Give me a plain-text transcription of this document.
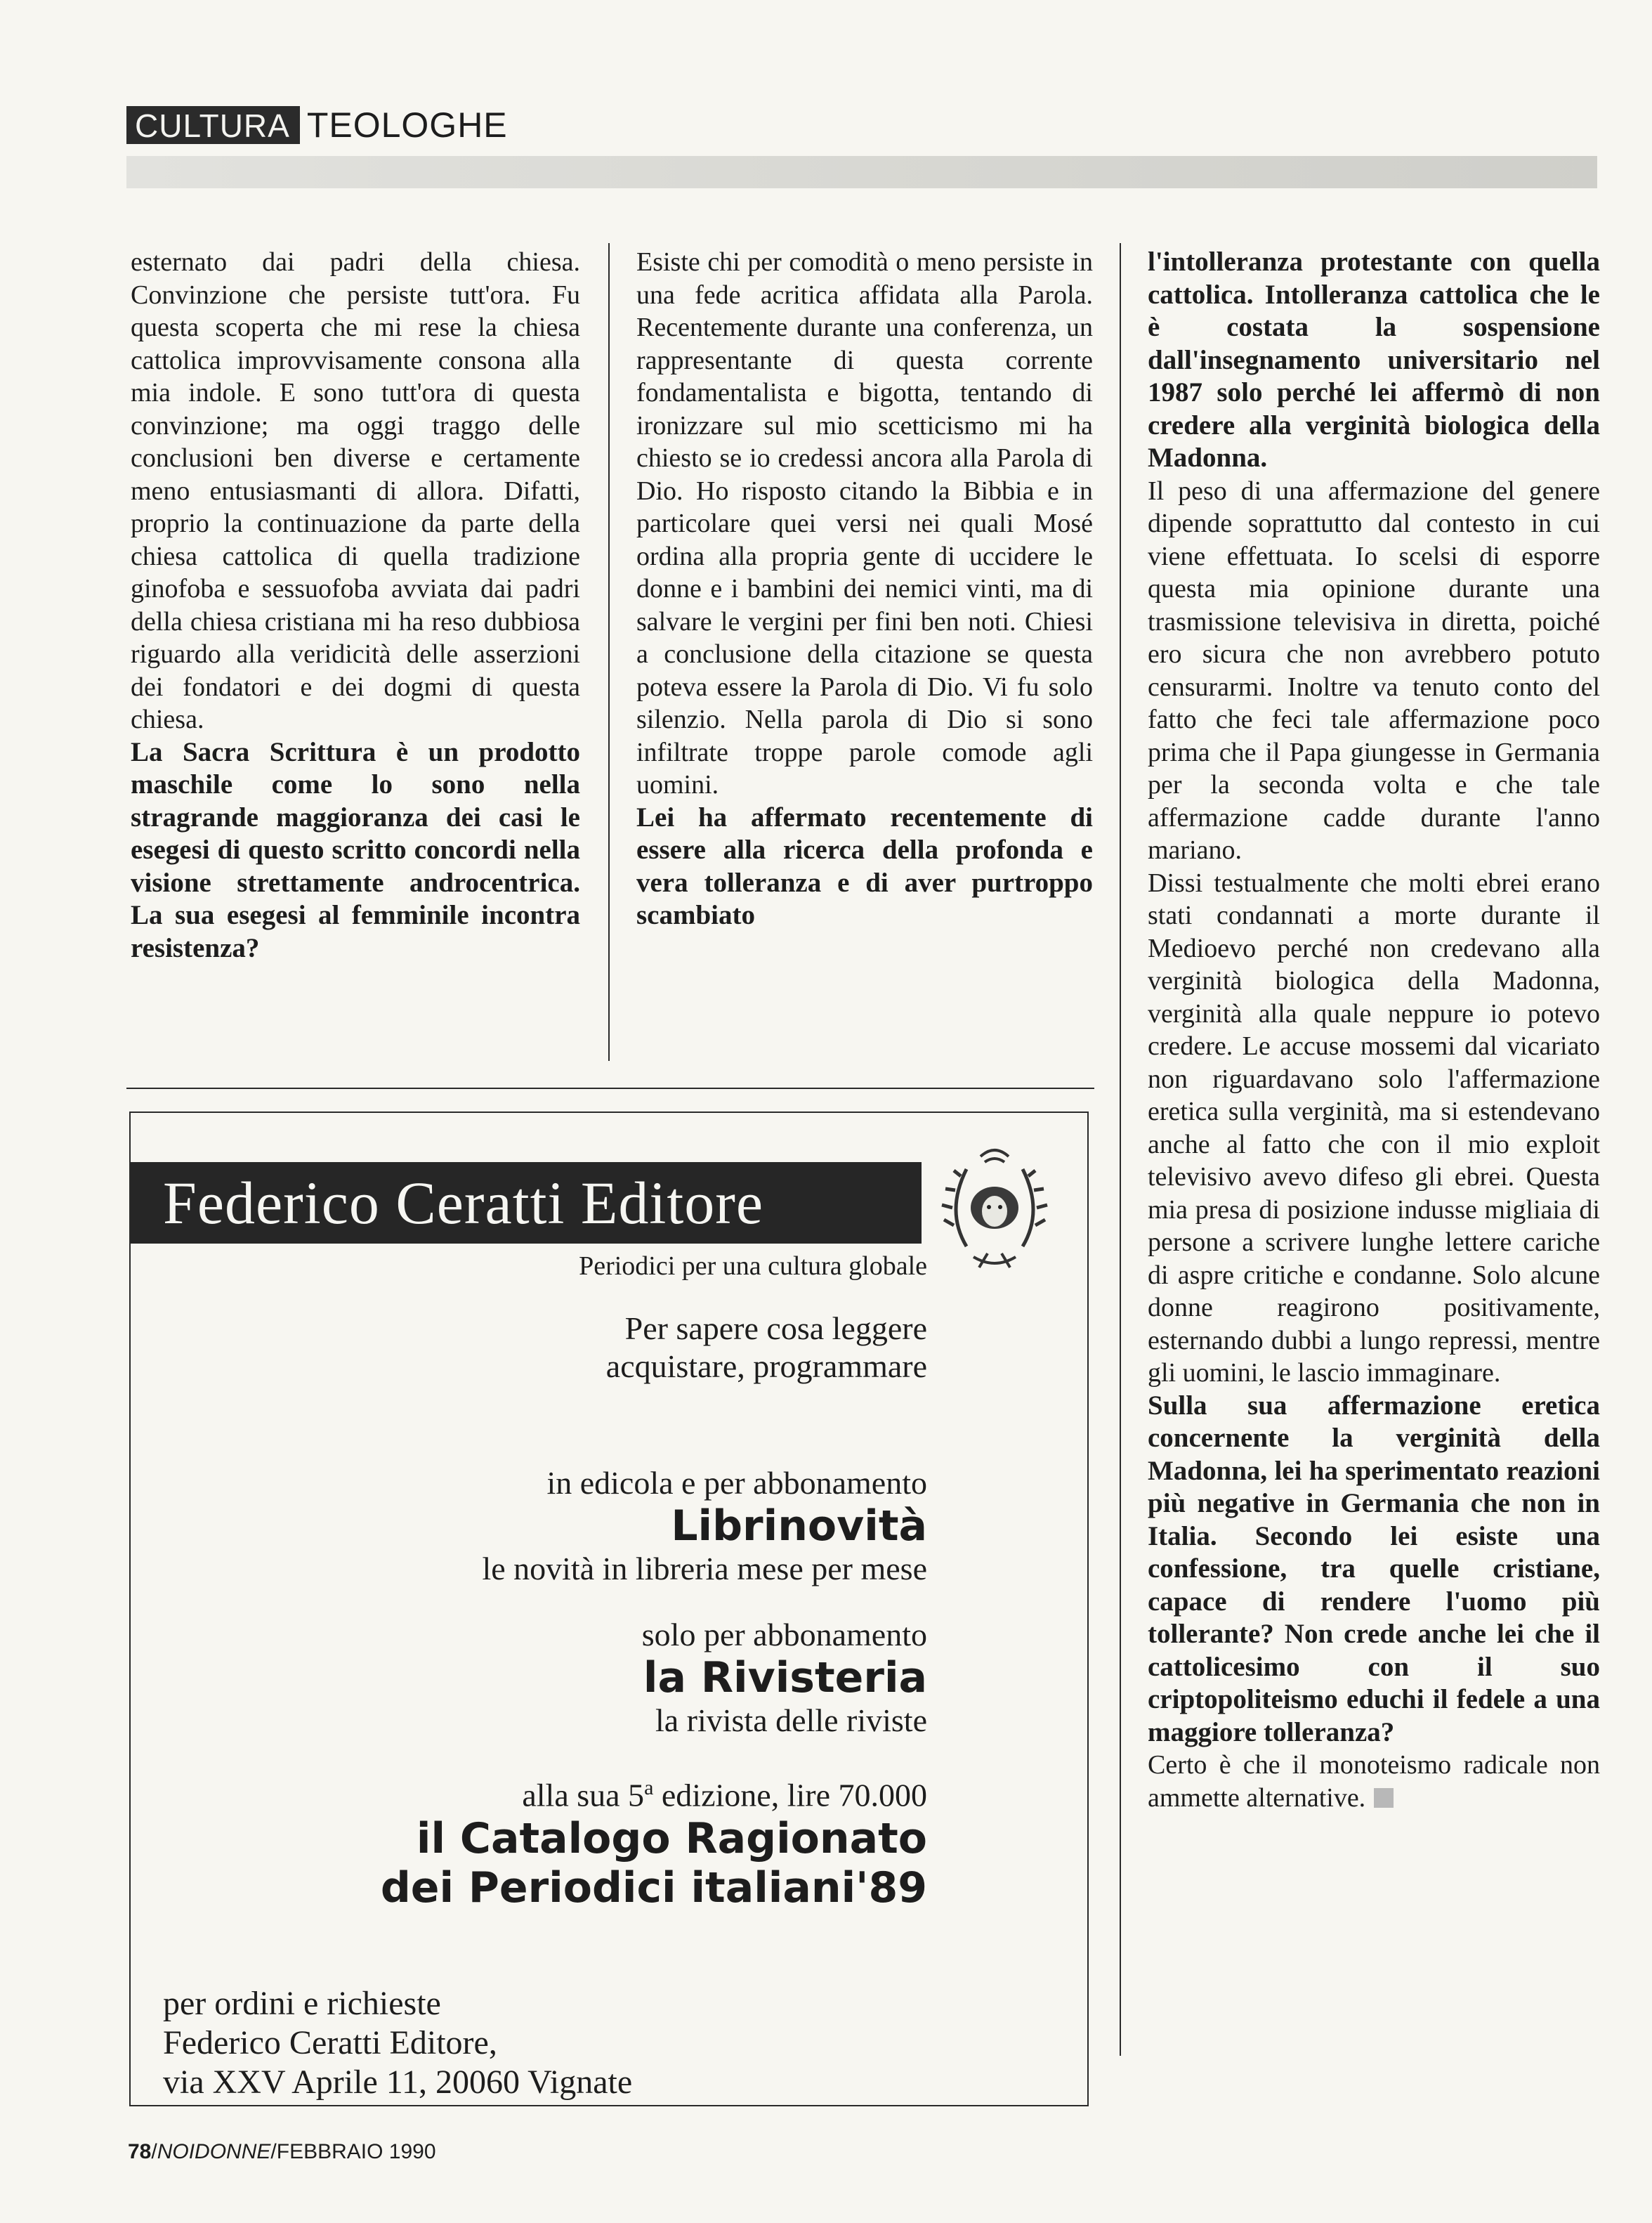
CULTURA TEOLOGHE

esternato dai padri della chiesa. Convinzione che persiste tutt'ora. Fu questa scoperta che mi rese la chiesa cattolica improvvisamente consona alla mia indole. E sono tutt'ora di questa convinzione; ma oggi traggo delle conclusioni ben diverse e certamente meno entusiasmanti di allora. Difatti, proprio la continuazione da parte della chiesa cattolica di quella tradizione ginofoba e sessuofoba avviata dai padri della chiesa cristiana mi ha reso dubbiosa riguardo alla veridicità delle asserzioni dei fondatori e dei dogmi di questa chiesa.

La Sacra Scrittura è un prodotto maschile come lo sono nella stragrande maggioranza dei casi le esegesi di questo scritto concordi nella visione strettamente androcentrica. La sua esegesi al femminile incontra resistenza?

Esiste chi per comodità o meno persiste in una fede acritica affidata alla Parola. Recentemente durante una conferenza, un rappresentante di questa corrente fondamentalista e bigotta, tentando di ironizzare sul mio scetticismo mi ha chiesto se io credessi ancora alla Parola di Dio. Ho risposto citando la Bibbia e in particolare quei versi nei quali Mosé ordina alla propria gente di uccidere le donne e i bambini dei nemici vinti, ma di salvare le vergini per fini ben noti. Chiesi a conclusione della citazione se questa poteva essere la Parola di Dio. Vi fu solo silenzio. Nella parola di Dio si sono infiltrate troppe parole comode agli uomini.

Lei ha affermato recentemente di essere alla ricerca della profonda e vera tolleranza e di aver purtroppo scambiato

l'intolleranza protestante con quella cattolica. Intolleranza cattolica che le è costata la sospensione dall'insegnamento universitario nel 1987 solo perché lei affermò di non credere alla verginità biologica della Madonna.

Il peso di una affermazione del genere dipende soprattutto dal contesto in cui viene effettuata. Io scelsi di esporre questa mia opinione durante una trasmissione televisiva in diretta, poiché ero sicura che non avrebbero potuto censurarmi. Inoltre va tenuto conto del fatto che feci tale affermazione poco prima che il Papa giungesse in Germania per la seconda volta e che tale affermazione cadde durante l'anno mariano.

Dissi testualmente che molti ebrei erano stati condannati a morte durante il Medioevo perché non credevano alla verginità biologica della Madonna, verginità alla quale neppure io potevo credere. Le accuse mossemi dal vicariato non riguardavano solo l'affermazione eretica sulla verginità, ma si estendevano anche al fatto che con il mio exploit televisivo avevo difeso gli ebrei. Questa mia presa di posizione indusse migliaia di persone a scrivere lunghe lettere cariche di aspre critiche e condanne. Solo alcune donne reagirono positivamente, esternando dubbi a lungo repressi, mentre gli uomini, le lascio immaginare.

Sulla sua affermazione eretica concernente la verginità della Madonna, lei ha sperimentato reazioni più negative in Germania che non in Italia. Secondo lei esiste una confessione, tra quelle cristiane, capace di rendere l'uomo più tollerante? Non crede anche lei che il cattolicesimo con il suo criptopoliteismo educhi il fedele a una maggiore tolleranza?

Certo è che il monoteismo radicale non ammette alternative.

Federico Ceratti Editore
Periodici per una cultura globale
Per sapere cosa leggere
acquistare, programmare
in edicola e per abbonamento
Librinovità
le novità in libreria mese per mese
solo per abbonamento
la Rivisteria
la rivista delle riviste
alla sua 5$^a$ edizione, lire 70.000
il Catalogo Ragionato
dei Periodici italiani'89
per ordini e richieste
Federico Ceratti Editore,
via XXV Aprile 11, 20060 Vignate
78/NOIDONNE/FEBBRAIO 1990
